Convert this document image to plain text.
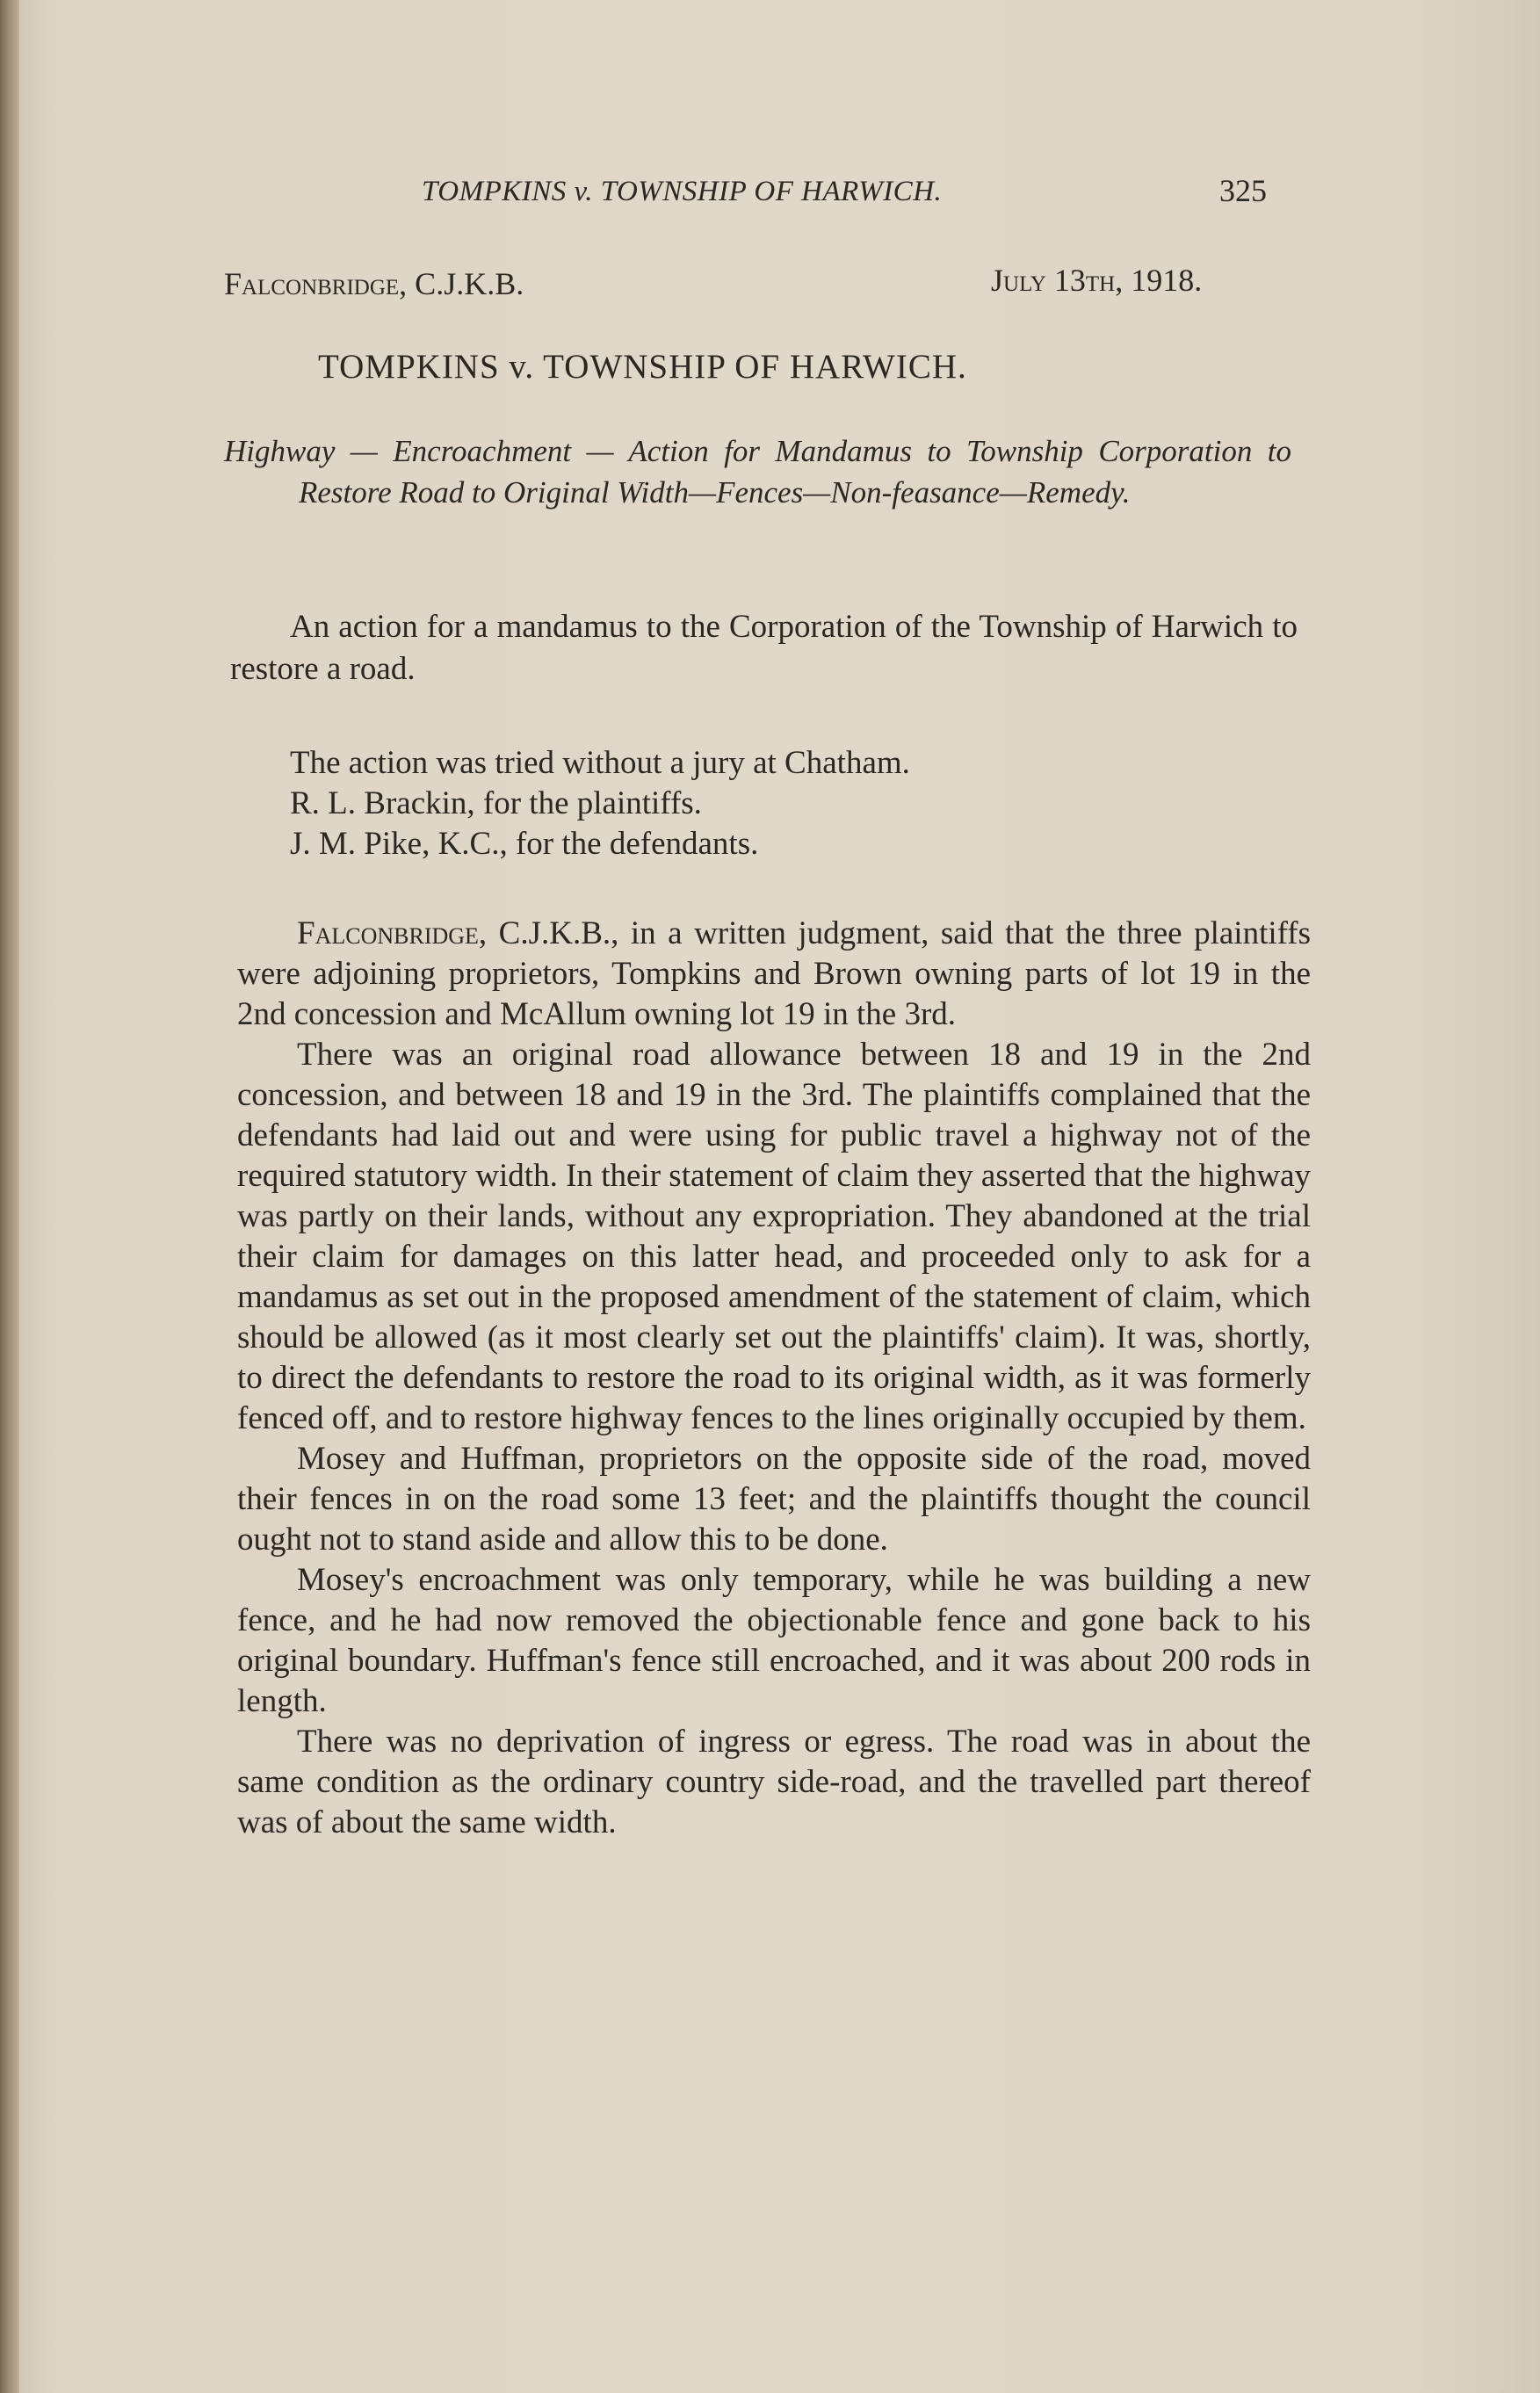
TOMPKINS v. TOWNSHIP OF HARWICH.	325
Falconbridge, C.J.K.B.	July 13th, 1918.
TOMPKINS v. TOWNSHIP OF HARWICH.

Highway — Encroachment — Action for Mandamus to Township Corporation to Restore Road to Original Width—Fences—Non-feasance—Remedy.

An action for a mandamus to the Corporation of the Township of Harwich to restore a road.

The action was tried without a jury at Chatham.
R. L. Brackin, for the plaintiffs.
J. M. Pike, K.C., for the defendants.

Falconbridge, C.J.K.B., in a written judgment, said that the three plaintiffs were adjoining proprietors, Tompkins and Brown owning parts of lot 19 in the 2nd concession and McAllum owning lot 19 in the 3rd.

There was an original road allowance between 18 and 19 in the 2nd concession, and between 18 and 19 in the 3rd. The plaintiffs complained that the defendants had laid out and were using for public travel a highway not of the required statutory width. In their statement of claim they asserted that the highway was partly on their lands, without any expropriation. They abandoned at the trial their claim for damages on this latter head, and proceeded only to ask for a mandamus as set out in the proposed amendment of the statement of claim, which should be allowed (as it most clearly set out the plaintiffs' claim). It was, shortly, to direct the defendants to restore the road to its original width, as it was formerly fenced off, and to restore highway fences to the lines originally occupied by them.

Mosey and Huffman, proprietors on the opposite side of the road, moved their fences in on the road some 13 feet; and the plaintiffs thought the council ought not to stand aside and allow this to be done.

Mosey's encroachment was only temporary, while he was building a new fence, and he had now removed the objectionable fence and gone back to his original boundary. Huffman's fence still encroached, and it was about 200 rods in length.

There was no deprivation of ingress or egress. The road was in about the same condition as the ordinary country side-road, and the travelled part thereof was of about the same width.
